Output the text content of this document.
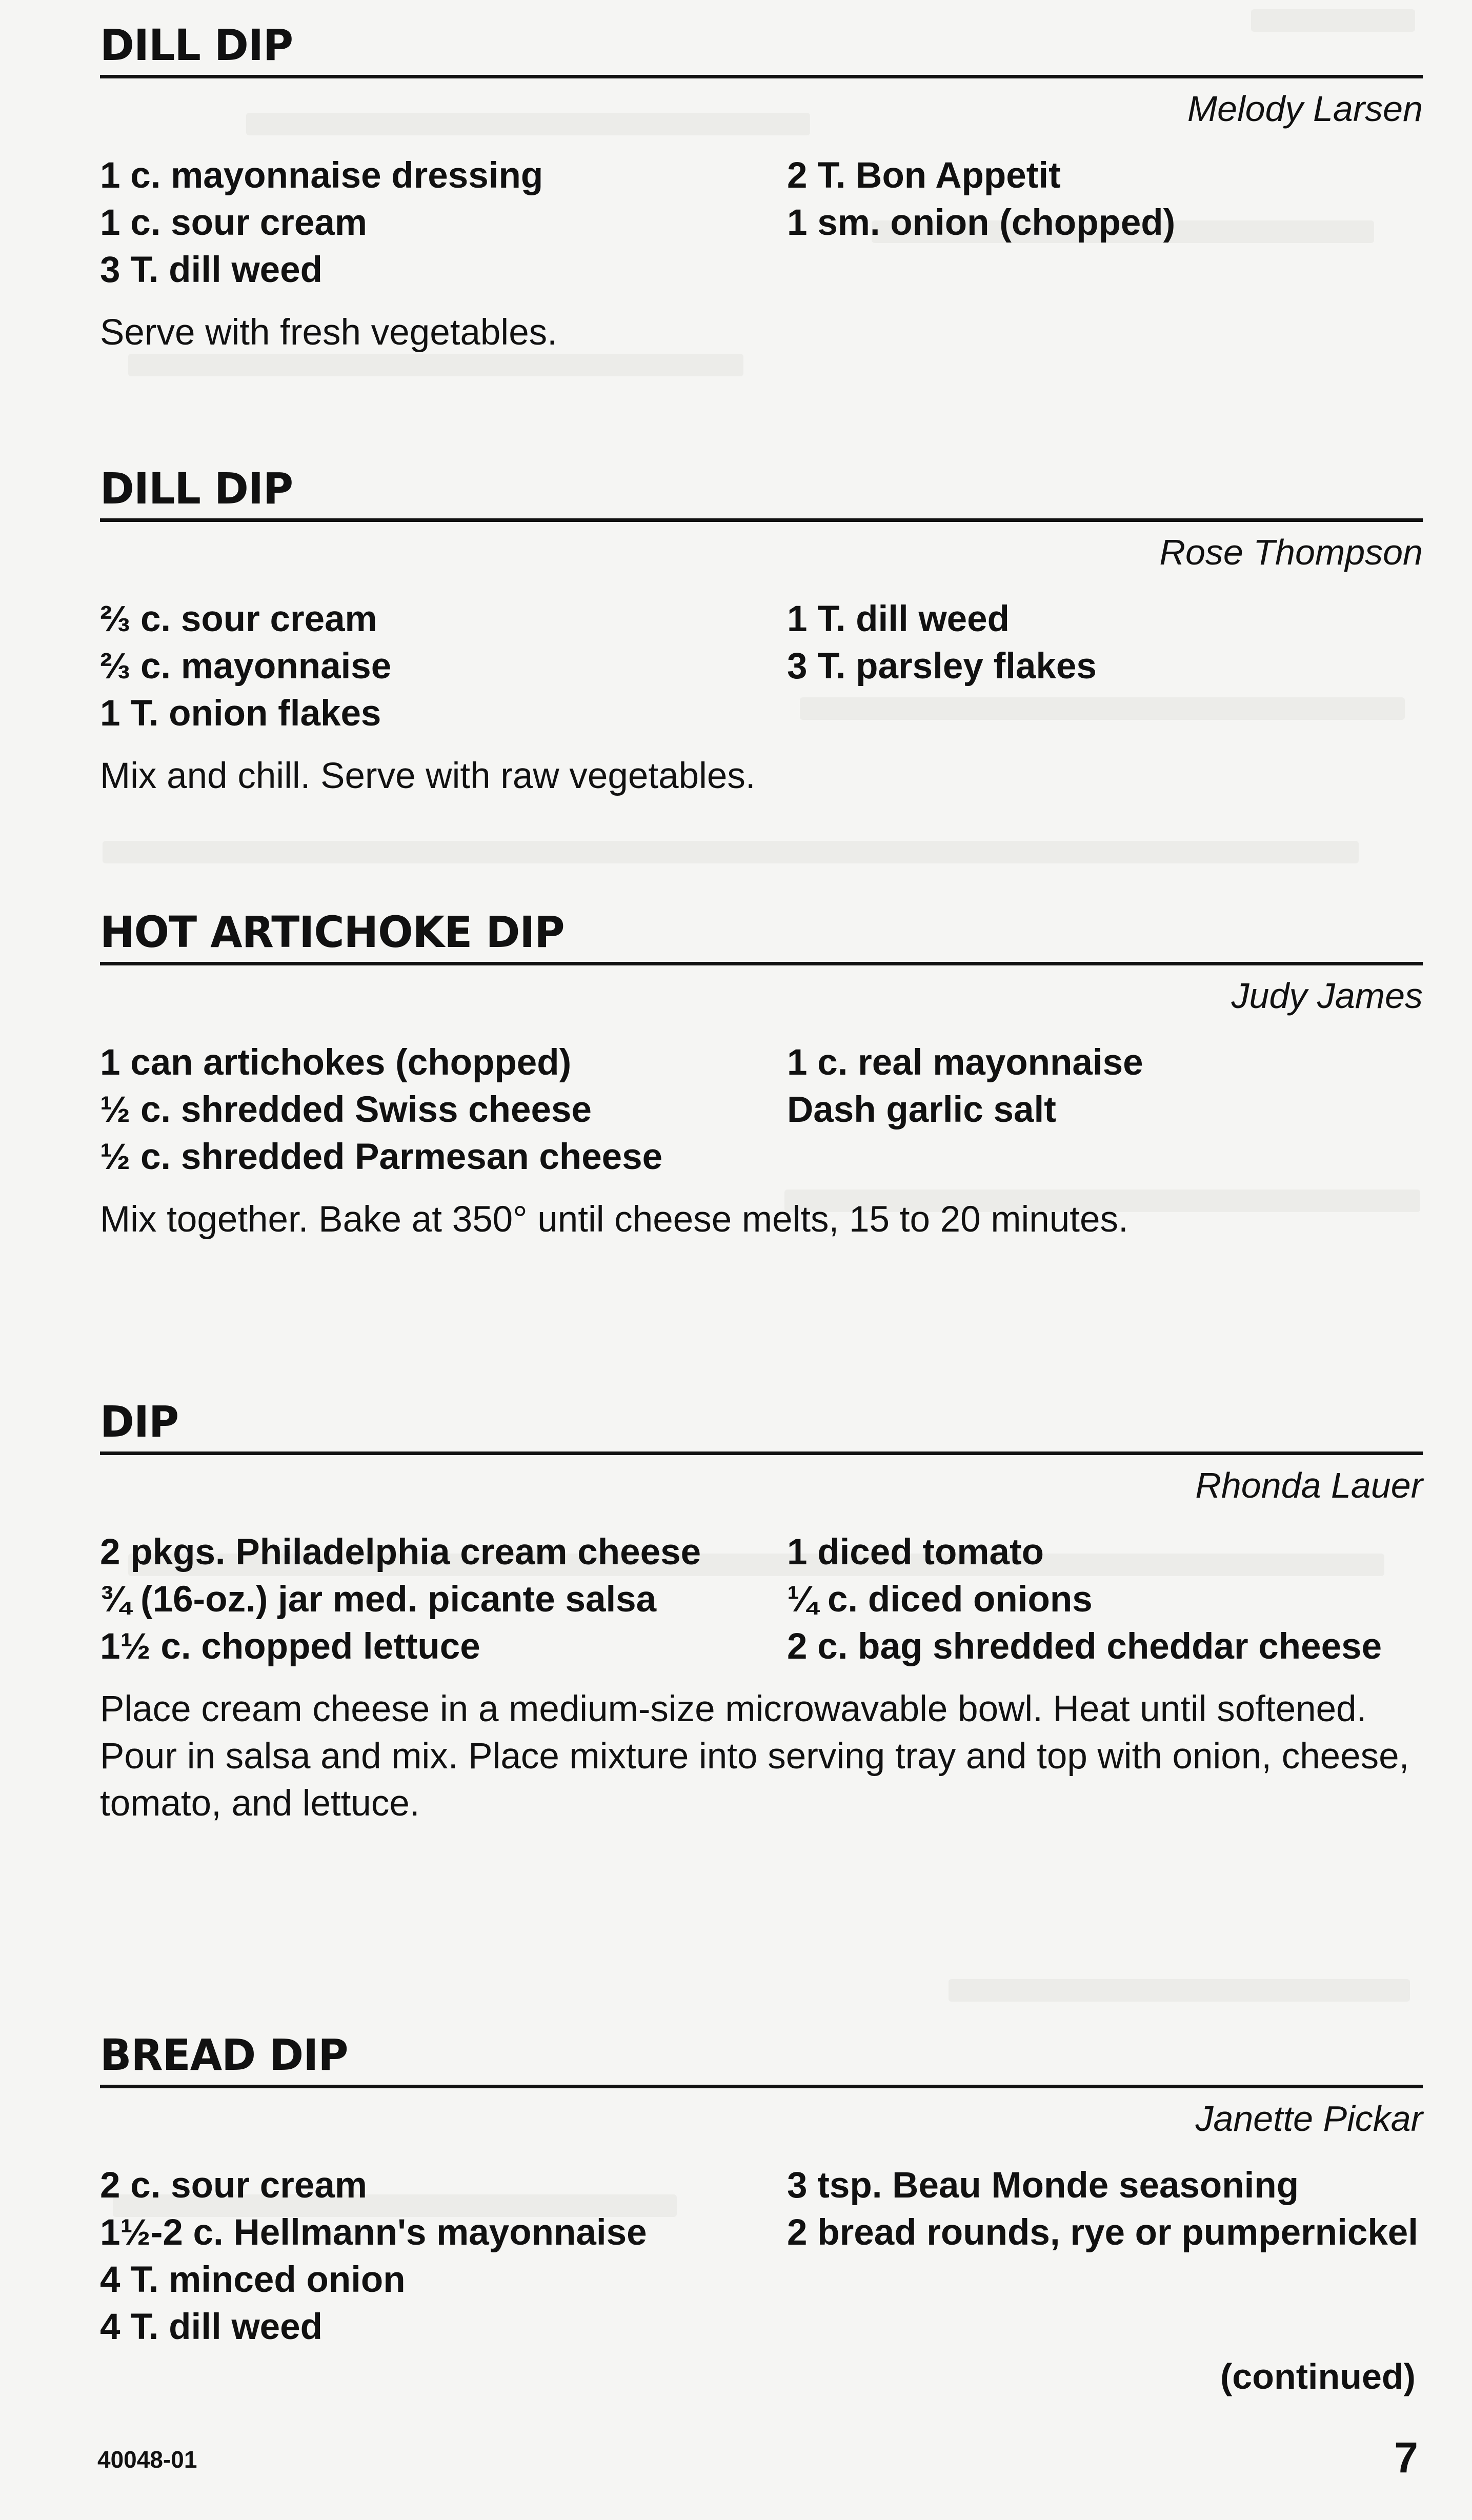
DILL DIP
Melody Larsen
1 c. mayonnaise dressing
1 c. sour cream
3 T. dill weed
2 T. Bon Appetit
1 sm. onion (chopped)
Serve with fresh vegetables.
DILL DIP
Rose Thompson
⅔ c. sour cream
⅔ c. mayonnaise
1 T. onion flakes
1 T. dill weed
3 T. parsley flakes
Mix and chill. Serve with raw vegetables.
HOT ARTICHOKE DIP
Judy James
1 can artichokes (chopped)
½ c. shredded Swiss cheese
½ c. shredded Parmesan cheese
1 c. real mayonnaise
Dash garlic salt
Mix together. Bake at 350° until cheese melts, 15 to 20 minutes.
DIP
Rhonda Lauer
2 pkgs. Philadelphia cream cheese
¾ (16-oz.) jar med. picante salsa
1½ c. chopped lettuce
1 diced tomato
¼ c. diced onions
2 c. bag shredded cheddar cheese
Place cream cheese in a medium-size microwavable bowl. Heat until softened. Pour in salsa and mix. Place mixture into serving tray and top with onion, cheese, tomato, and lettuce.
BREAD DIP
Janette Pickar
2 c. sour cream
1½-2 c. Hellmann's mayonnaise
4 T. minced onion
4 T. dill weed
3 tsp. Beau Monde seasoning
2 bread rounds, rye or pumpernickel
(continued)
40048-01	7
